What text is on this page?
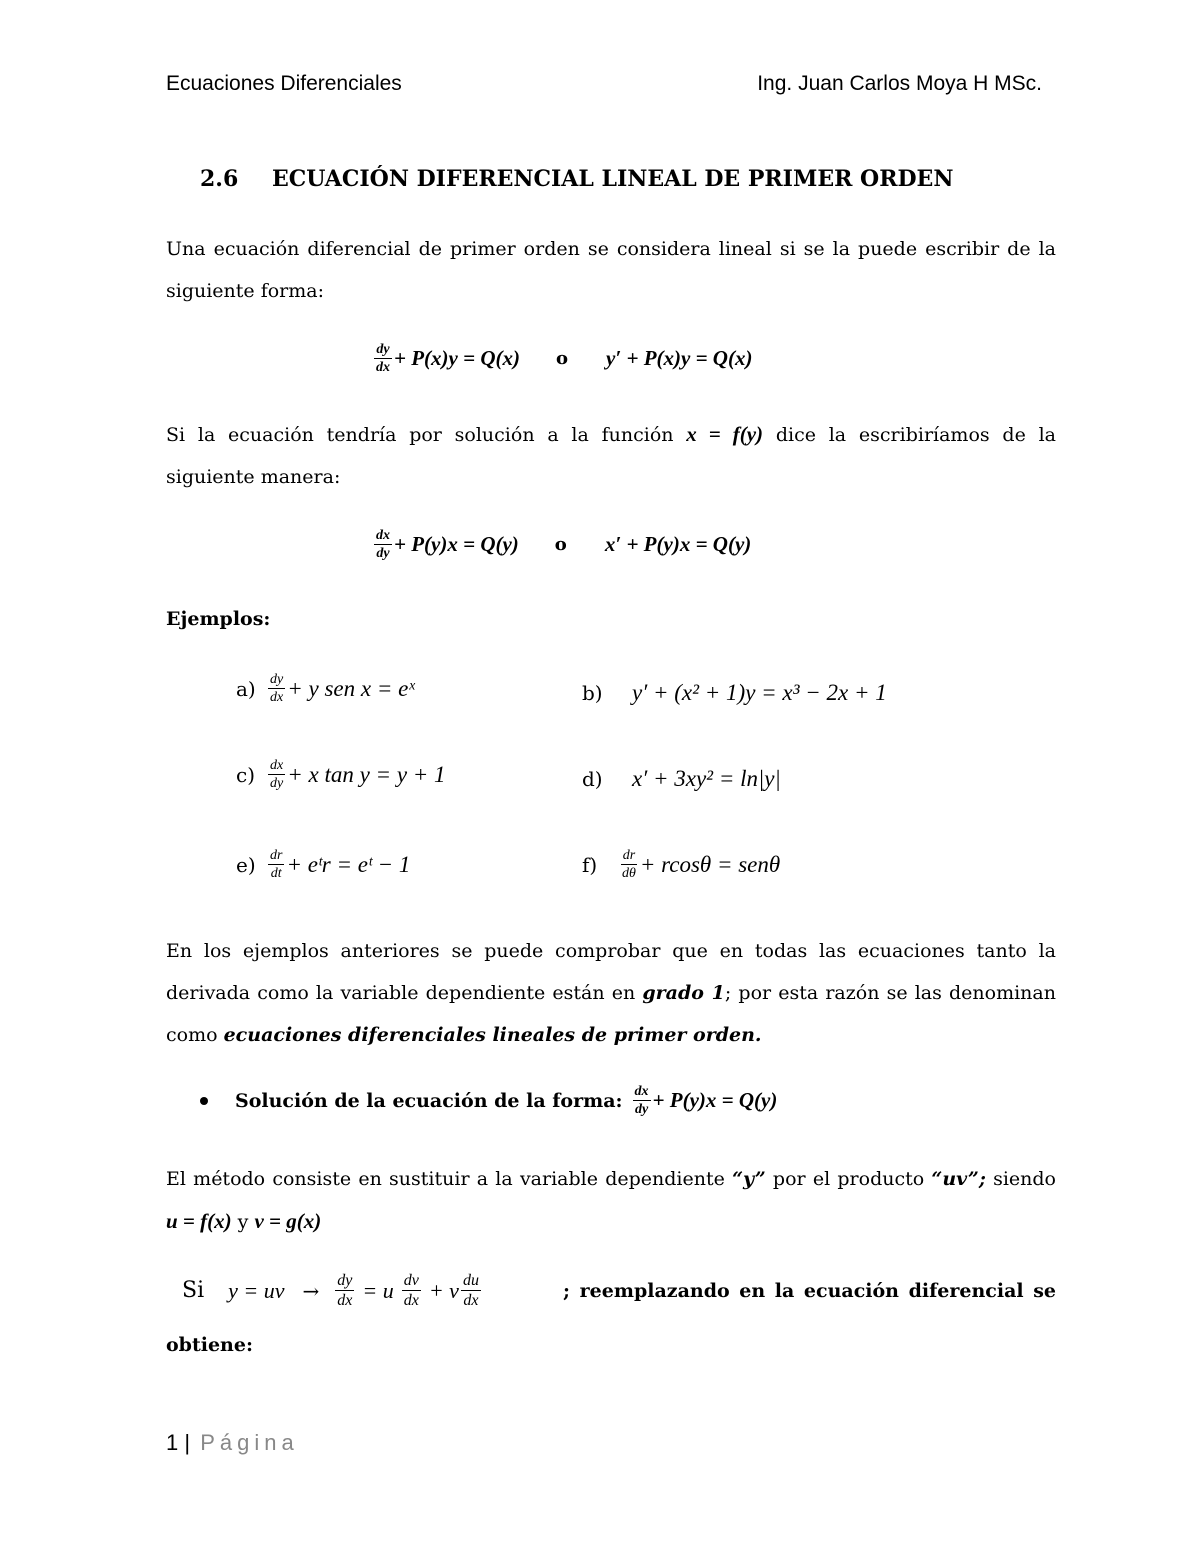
Ecuaciones Diferenciales	Ing. Juan Carlos Moya H MSc.
2.6 ECUACIÓN DIFERENCIAL LINEAL DE PRIMER ORDEN
Una ecuación diferencial de primer orden se considera lineal si se la puede escribir de la
siguiente forma:
$\frac{dy}{dx} + P(x)y = Q(x)$ o y′ + P(x)y = Q(x)
Si la ecuación tendría por solución a la función x = f(y) dice la escribiríamos de la
siguiente manera:
$\frac{dx}{dy} + P(y)x = Q(y)$ o x′ + P(y)x = Q(y)
Ejemplos:
$a) \frac{dy}{dx} + y$ sen x = eˣ	b)	y′ + (x² + 1)y = x³ − 2x + 1
$c) \frac{dx}{dy} + x$ tan y = y + 1	d)	x′ + 3xy² = ln|y|
$e) \frac{dr}{dt}$ + eᵗr = eᵗ − 1	f)	$\frac{dr}{d\theta} + rcos\theta = sen\theta$
En los ejemplos anteriores se puede comprobar que en todas las ecuaciones tanto la
derivada como la variable dependiente están en grado 1; por esta razón se las denominan
como ecuaciones diferenciales lineales de primer orden.
Solución de la ecuación de la forma: $\frac{dx}{dy} + P(y)x = Q(y)$
El método consiste en sustituir a la variable dependiente “y” por el producto “uv”; siendo
u = f(x) y v = g(x)
Si y = uv → $\frac{dy}{dx} = u \frac{dv}{dx} + v \frac{du}{dx}$	; reemplazando en la ecuación diferencial se
obtiene:
1 | Página
